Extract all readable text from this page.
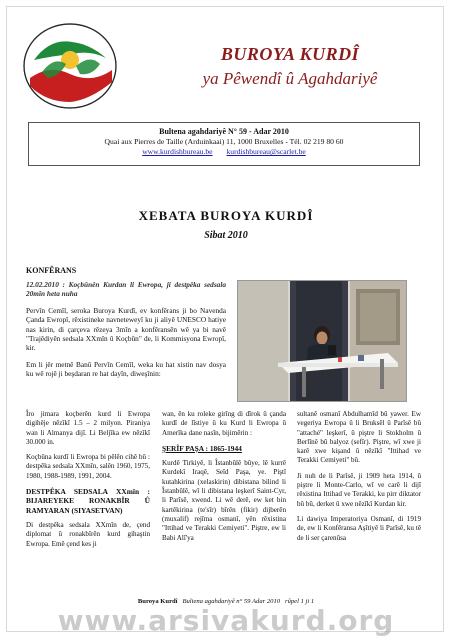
BUROYA KURDÎ
ya Pêwendî û Agahdariyê
Bultena agahdariyê N° 59 - Adar 2010
Quai aux Pierres de Taille (Arduinkaai) 11, 1000 Bruxelles - Tél. 02 219 80 60
www.kurdishbureau.be kurdishbureau@scarlet.be
XEBATA BUROYA KURDÎ
Sibat 2010
KONFÊRANS

12.02.2010 : Koçbûnên Kurdan li Ewropa, ji destpêka sedsala 20mîn heta nuha

Pervîn Cemîl, seroka Buroya Kurdî, ev konfêrans ji bo Navenda Çanda Ewropî, rêxistineke navneteweyî ku ji aliyê UNESCO hatiye nas kirin, di çarçeva rêzeya 3mîn a konfêransên wê ya bi navê "Trajêdiyên sedsala XXmîn û Koçbûn" de, li Kommisyona Ewropî, kir.

Em li jêr metnê Banû Pervîn Cemîl, weka ku hat xistin nav dosya ku wê rojê ji beşdaran re hat dayîn, diweşînin:

Îro jimara koçberên kurd li Ewropa digihêje nêzîkî 1.5 – 2 milyon. Piraniya wan li Almanya dijî. Li Beljîka ew nêzîkî 30.000 in.

Koçbûna kurdî li Ewropa bi pêlên cihê bû : destpêka sedsala XXmîn, salên 1960, 1975, 1980, 1988-1989, 1991, 2004.

DESTPÊKA SEDSALA XXmîn : BIJAREYEKE RONAKBÎR Û RAMYARAN (SIYASETVAN)

Di destpêka sedsala XXmîn de, çend diplomat û ronakbîrên kurd gihaştin Ewropa. Emê çend kes ji

wan, ên ku roleke girîng di dîrok û çanda kurdî de lîstiye û ku Kurd li Ewropa û Amerîka dane nasîn, bijimêrin :

ŞERÎF PAŞA : 1865-1944

Kurdê Tirkiyê, li Îstanbûlê bûye, lê kurrê Kurdekî Iraqê, Seîd Paşa, ye. Piştî kutahkirina (xelaskirin) dibistana bilind li Îstanbûlê, wî li dibistana leşkerî Saint-Cyr, li Parîsê, xwend. Li wê derê, ew ket bin kartêkirina (te'sîr) bîrên (fikir) dijberên (muxalif) rejîma osmanî, yên rêxistina "Ittihad ve Terakki Cemiyeti". Piştre, ew li Babi Alî'ya

sultanê osmanî Abdulhamîd bû yawer. Ew vegeriya Ewropa û li Bruksêl û Parîsê bû "attaché" leşkerî, û piştre li Stokholm û Berlînê bû balyoz (sefîr). Piştre, wî xwe ji karê xwe kişand û nêzîkî "Ittihad ve Terakki Cemiyeti" bû.

Ji nuh de li Parîsê, ji 1909 heta 1914, û piştre li Monte-Carlo, wî ve carê li dijî rêxistina Ittihad ve Terakki, ku pirr diktator bû bû, derket û xwe nêzîkî Kurdan kir.

Li dawiya Imperatoriya Osmanî, di 1919 de, ew li Konfêransa Aşîtiyê li Parîsê, ku tê de li ser çarenûsa

Buroya Kurdî Bultena agahdariyê n° 59 Adar 2010 rûpel 1 ji 1
www.arsivakurd.org
